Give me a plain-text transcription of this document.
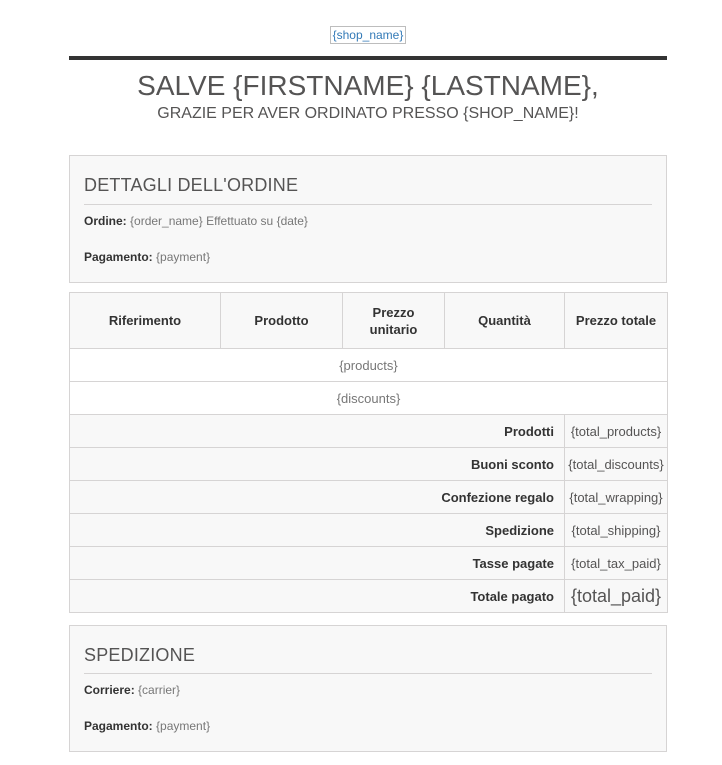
{shop_name}
SALVE {FIRSTNAME} {LASTNAME},
GRAZIE PER AVER ORDINATO PRESSO {SHOP_NAME}!
DETTAGLI DELL'ORDINE
Ordine: {order_name} Effettuato su {date}
Pagamento: {payment}
Riferimento	Prodotto	Prezzo unitario	Quantità	Prezzo totale
{products}				
{discounts}				
Prodotti				{total_products}
Buoni sconto				{total_discounts}
Confezione regalo				{total_wrapping}
Spedizione				{total_shipping}
Tasse pagate				{total_tax_paid}
Totale pagato				{total_paid}
SPEDIZIONE
Corriere: {carrier}
Pagamento: {payment}
